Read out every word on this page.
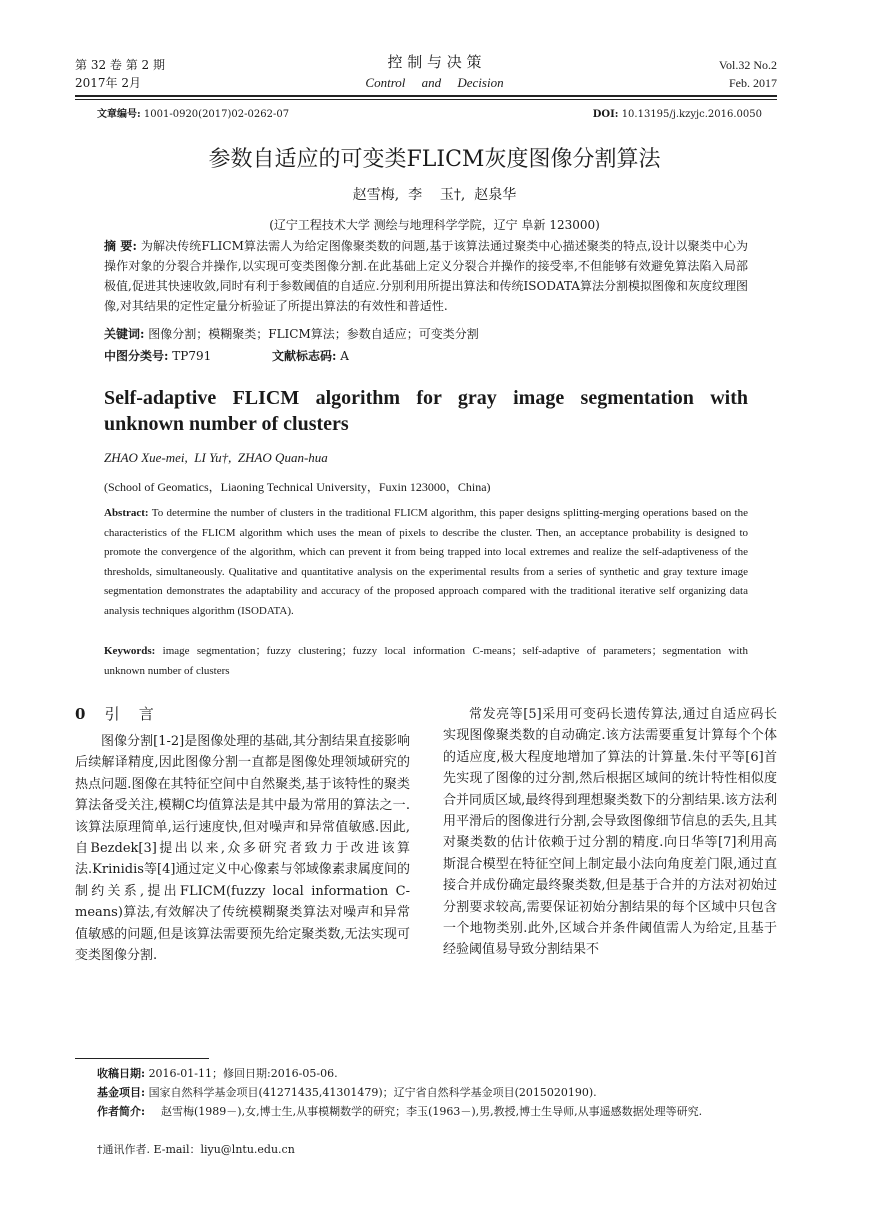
第 32 卷 第 2 期
2017年 2月
控 制 与 决 策
Control     and     Decision
Vol.32 No.2
Feb. 2017
文章编号: 1001-0920(2017)02-0262-07	DOI: 10.13195/j.kzyjc.2016.0050
参数自适应的可变类FLICM灰度图像分割算法
赵雪梅,  李    玉†,  赵泉华
(辽宁工程技术大学 测绘与地理科学学院，辽宁 阜新 123000)
摘 要: 为解决传统FLICM算法需人为给定图像聚类数的问题,基于该算法通过聚类中心描述聚类的特点,设计以聚类中心为操作对象的分裂合并操作,以实现可变类图像分割.在此基础上定义分裂合并操作的接受率,不但能够有效避免算法陷入局部极值,促进其快速收敛,同时有利于参数阈值的自适应.分别利用所提出算法和传统ISODATA算法分割模拟图像和灰度纹理图像,对其结果的定性定量分析验证了所提出算法的有效性和普适性.
关键词: 图像分割；模糊聚类；FLICM算法；参数自适应；可变类分割
中图分类号: TP791	文献标志码: A
Self-adaptive FLICM algorithm for gray image segmentation with unknown number of clusters
ZHAO Xue-mei,  LI Yu†,  ZHAO Quan-hua
(School of Geomatics，Liaoning Technical University，Fuxin 123000，China)
Abstract: To determine the number of clusters in the traditional FLICM algorithm, this paper designs splitting-merging operations based on the characteristics of the FLICM algorithm which uses the mean of pixels to describe the cluster. Then, an acceptance probability is designed to promote the convergence of the algorithm, which can prevent it from being trapped into local extremes and realize the self-adaptiveness of the thresholds, simultaneously. Qualitative and quantitative analysis on the experimental results from a series of synthetic and gray texture image segmentation demonstrates the adaptability and accuracy of the proposed approach compared with the traditional iterative self organizing data analysis techniques algorithm (ISODATA).
Keywords: image segmentation；fuzzy clustering；fuzzy local information C-means；self-adaptive of parameters；segmentation with unknown number of clusters
0 引    言
图像分割[1-2]是图像处理的基础,其分割结果直接影响后续解译精度,因此图像分割一直都是图像处理领域研究的热点问题.图像在其特征空间中自然聚类,基于该特性的聚类算法备受关注,模糊C均值算法是其中最为常用的算法之一.该算法原理简单,运行速度快,但对噪声和异常值敏感.因此,自Bezdek[3]提出以来,众多研究者致力于改进该算法.Krinidis等[4]通过定义中心像素与邻域像素隶属度间的制约关系,提出FLICM(fuzzy local information C-means)算法,有效解决了传统模糊聚类算法对噪声和异常值敏感的问题,但是该算法需要预先给定聚类数,无法实现可变类图像分割.
常发亮等[5]采用可变码长遗传算法,通过自适应码长实现图像聚类数的自动确定.该方法需要重复计算每个个体的适应度,极大程度地增加了算法的计算量.朱付平等[6]首先实现了图像的过分割,然后根据区域间的统计特性相似度合并同质区域,最终得到理想聚类数下的分割结果.该方法利用平滑后的图像进行分割,会导致图像细节信息的丢失,且其对聚类数的估计依赖于过分割的精度.向日华等[7]利用高斯混合模型在特征空间上制定最小法向角度差门限,通过直接合并成份确定最终聚类数,但是基于合并的方法对初始过分割要求较高,需要保证初始分割结果的每个区域中只包含一个地物类别.此外,区域合并条件阈值需人为给定,且基于经验阈值易导致分割结果不
收稿日期: 2016-01-11；修回日期:2016-05-06.
基金项目: 国家自然科学基金项目(41271435,41301479)；辽宁省自然科学基金项目(2015020190).
作者简介:	赵雪梅(1989－),女,博士生,从事模糊数学的研究；李玉(1963－),男,教授,博士生导师,从事遥感数据处理等研究.
†通讯作者. E-mail：liyu@lntu.edu.cn
